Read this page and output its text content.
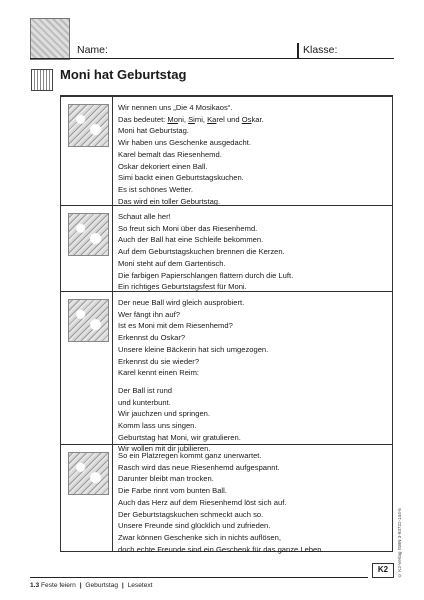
Name:	Klasse:
Moni hat Geburtstag

Wir nennen uns „Die 4 Mosikaos“.

Das bedeutet: Moni, Simi, Karel und Oskar.

Moni hat Geburtstag.

Wir haben uns Geschenke ausgedacht.

Karel bemalt das Riesenhemd.

Oskar dekoriert einen Ball.

Simi backt einen Geburtstagskuchen.

Es ist schönes Wetter.

Das wird ein toller Geburtstag.

Schaut alle her!

So freut sich Moni über das Riesenhemd.

Auch der Ball hat eine Schleife bekommen.

Auf dem Geburtstagskuchen brennen die Kerzen.

Moni steht auf dem Gartentisch.

Die farbigen Papierschlangen flattern durch die Luft.

Ein richtiges Geburtstagsfest für Moni.

Der neue Ball wird gleich ausprobiert.

Wer fängt ihn auf?

Ist es Moni mit dem Riesenhemd?

Erkennst du Oskar?

Unsere kleine Bäckerin hat sich umgezogen.

Erkennst du sie wieder?

Karel kennt einen Reim:

Der Ball ist rund

und kunterbunt.

Wir jauchzen und springen.

Komm lass uns singen.

Geburtstag hat Moni, wir gratulieren.

Wir wollen mit dir jubilieren.

So ein Platzregen kommt ganz unerwartet.

Rasch wird das neue Riesenhemd aufgespannt.

Darunter bleibt man trocken.

Die Farbe rinnt vom bunten Ball.

Auch das Herz auf dem Riesenhemd löst sich auf.

Der Geburtstagskuchen schmeckt auch so.

Unsere Freunde sind glücklich und zufrieden.

Zwar können Geschenke sich in nichts auflösen,

doch echte Freunde sind ein Geschenk für das ganze Leben.	© K2-Verlag ISBN 3-93722-144-5
K2
1.3 Feste feiern | Geburtstag | Lesetext
